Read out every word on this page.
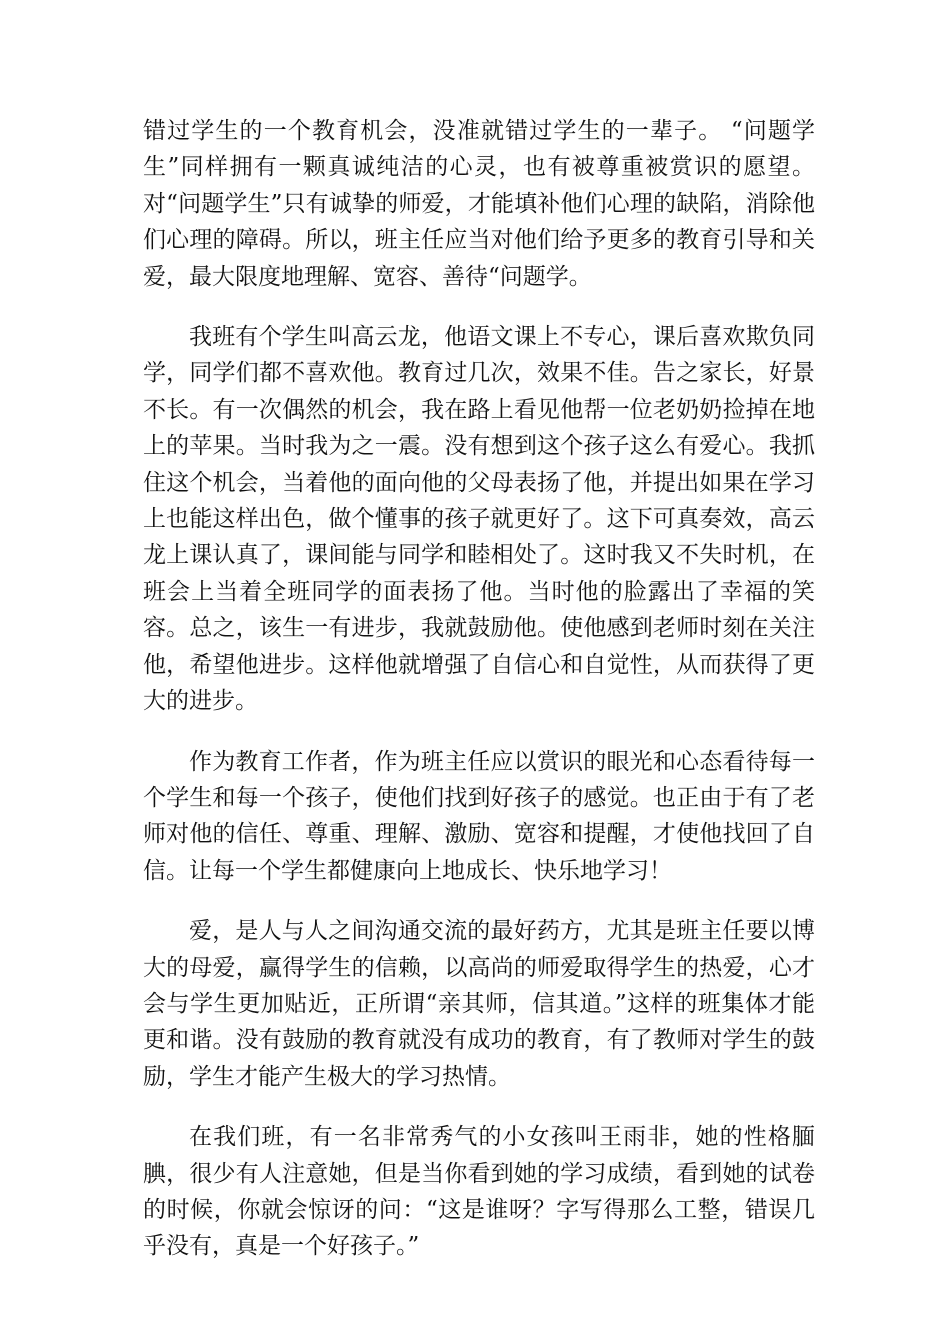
错过学生的一个教育机会，没准就错过学生的一辈子。 “问题学生”同样拥有一颗真诚纯洁的心灵，也有被尊重被赏识的愿望。对“问题学生”只有诚挚的师爱，才能填补他们心理的缺陷，消除他们心理的障碍。所以，班主任应当对他们给予更多的教育引导和关爱，最大限度地理解、宽容、善待“问题学。

我班有个学生叫高云龙，他语文课上不专心，课后喜欢欺负同学，同学们都不喜欢他。教育过几次，效果不佳。告之家长，好景不长。有一次偶然的机会，我在路上看见他帮一位老奶奶捡掉在地上的苹果。当时我为之一震。没有想到这个孩子这么有爱心。我抓住这个机会，当着他的面向他的父母表扬了他，并提出如果在学习上也能这样出色，做个懂事的孩子就更好了。这下可真奏效，高云龙上课认真了，课间能与同学和睦相处了。这时我又不失时机，在班会上当着全班同学的面表扬了他。当时他的脸露出了幸福的笑容。总之，该生一有进步，我就鼓励他。使他感到老师时刻在关注他，希望他进步。这样他就增强了自信心和自觉性，从而获得了更大的进步。

作为教育工作者，作为班主任应以赏识的眼光和心态看待每一个学生和每一个孩子，使他们找到好孩子的感觉。也正由于有了老师对他的信任、尊重、理解、激励、宽容和提醒，才使他找回了自信。让每一个学生都健康向上地成长、快乐地学习！

爱，是人与人之间沟通交流的最好药方，尤其是班主任要以博大的母爱，赢得学生的信赖，以高尚的师爱取得学生的热爱，心才会与学生更加贴近，正所谓“亲其师，信其道。”这样的班集体才能更和谐。没有鼓励的教育就没有成功的教育，有了教师对学生的鼓励，学生才能产生极大的学习热情。

在我们班，有一名非常秀气的小女孩叫王雨非，她的性格腼腆，很少有人注意她，但是当你看到她的学习成绩，看到她的试卷的时候，你就会惊讶的问：“这是谁呀？字写得那么工整，错误几乎没有，真是一个好孩子。”
